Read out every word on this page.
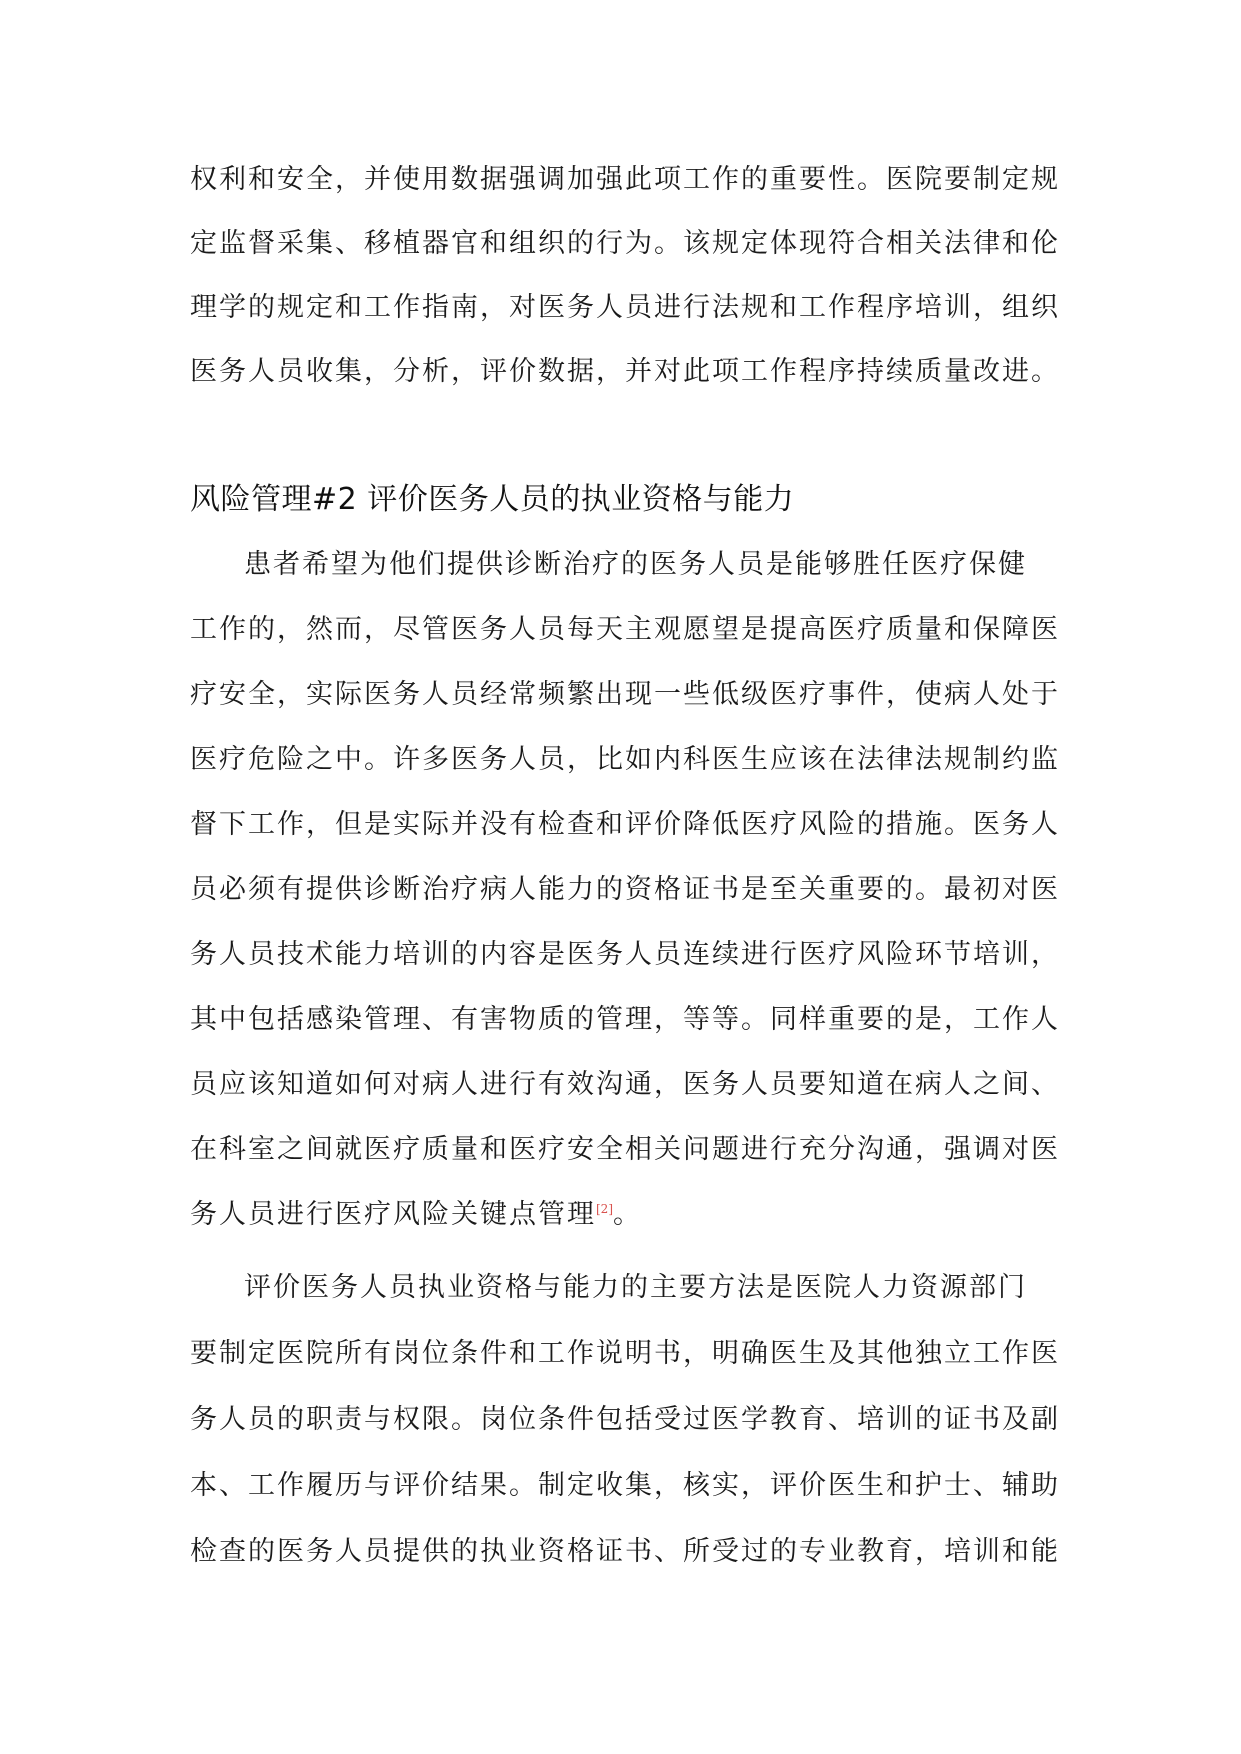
权利和安全，并使用数据强调加强此项工作的重要性。医院要制定规
定监督采集、移植器官和组织的行为。该规定体现符合相关法律和伦
理学的规定和工作指南，对医务人员进行法规和工作程序培训，组织
医务人员收集，分析，评价数据，并对此项工作程序持续质量改进。
风险管理#2 评价医务人员的执业资格与能力
患者希望为他们提供诊断治疗的医务人员是能够胜任医疗保健
工作的，然而，尽管医务人员每天主观愿望是提高医疗质量和保障医
疗安全，实际医务人员经常频繁出现一些低级医疗事件，使病人处于
医疗危险之中。许多医务人员，比如内科医生应该在法律法规制约监
督下工作，但是实际并没有检查和评价降低医疗风险的措施。医务人
员必须有提供诊断治疗病人能力的资格证书是至关重要的。最初对医
务人员技术能力培训的内容是医务人员连续进行医疗风险环节培训，
其中包括感染管理、有害物质的管理，等等。同样重要的是，工作人
员应该知道如何对病人进行有效沟通，医务人员要知道在病人之间、
在科室之间就医疗质量和医疗安全相关问题进行充分沟通，强调对医
务人员进行医疗风险关键点管理[2]。
评价医务人员执业资格与能力的主要方法是医院人力资源部门
要制定医院所有岗位条件和工作说明书，明确医生及其他独立工作医
务人员的职责与权限。岗位条件包括受过医学教育、培训的证书及副
本、工作履历与评价结果。制定收集，核实，评价医生和护士、辅助
检查的医务人员提供的执业资格证书、所受过的专业教育，培训和能
